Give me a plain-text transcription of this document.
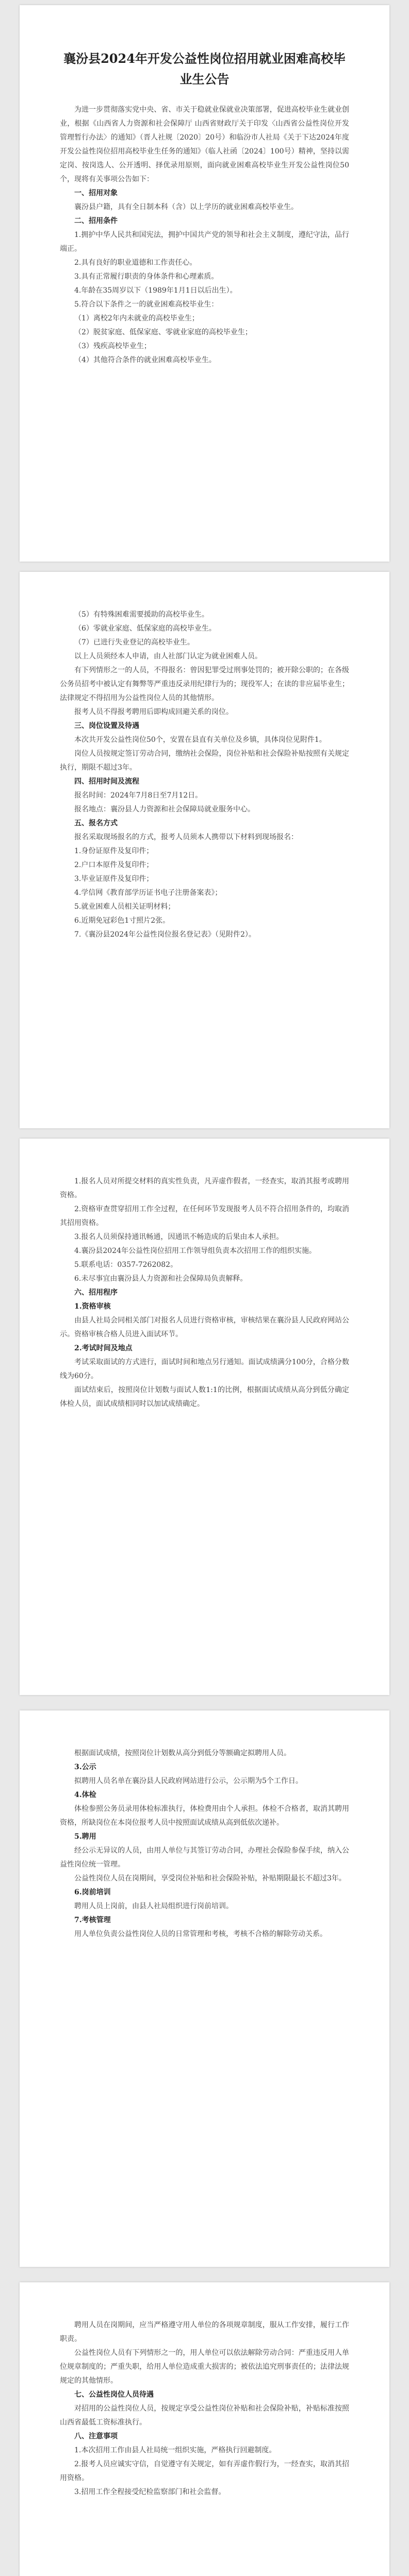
襄汾县2024年开发公益性岗位招用就业困难高校毕业生公告

为进一步贯彻落实党中央、省、市关于稳就业保就业决策部署，促进高校毕业生就业创业，根据《山西省人力资源和社会保障厅 山西省财政厅关于印发〈山西省公益性岗位开发管理暂行办法〉的通知》（晋人社规〔2020〕20号）和临汾市人社局《关于下达2024年度开发公益性岗位招用高校毕业生任务的通知》（临人社函〔2024〕100号）精神，坚持以需定岗、按岗选人、公开透明、择优录用原则，面向就业困难高校毕业生开发公益性岗位50个，现将有关事项公告如下：

一、招用对象

襄汾县户籍，具有全日制本科（含）以上学历的就业困难高校毕业生。

二、招用条件

1.拥护中华人民共和国宪法，拥护中国共产党的领导和社会主义制度，遵纪守法，品行端正。

2.具有良好的职业道德和工作责任心。

3.具有正常履行职责的身体条件和心理素质。

4.年龄在35周岁以下（1989年1月1日以后出生）。

5.符合以下条件之一的就业困难高校毕业生：

（1）离校2年内未就业的高校毕业生；

（2）脱贫家庭、低保家庭、零就业家庭的高校毕业生；

（3）残疾高校毕业生；

（4）其他符合条件的就业困难高校毕业生。

（5）有特殊困难需要援助的高校毕业生。

（6）零就业家庭、低保家庭的高校毕业生。

（7）已进行失业登记的高校毕业生。

以上人员须经本人申请，由人社部门认定为就业困难人员。

有下列情形之一的人员，不得报名：曾因犯罪受过刑事处罚的；被开除公职的；在各级公务员招考中被认定有舞弊等严重违反录用纪律行为的；现役军人；在读的非应届毕业生；法律规定不得招用为公益性岗位人员的其他情形。

报考人员不得报考聘用后即构成回避关系的岗位。

三、岗位设置及待遇

本次共开发公益性岗位50个，安置在县直有关单位及乡镇，具体岗位见附件1。

岗位人员按规定签订劳动合同，缴纳社会保险，岗位补贴和社会保险补贴按照有关规定执行，期限不超过3年。

四、招用时间及流程

报名时间：2024年7月8日至7月12日。

报名地点：襄汾县人力资源和社会保障局就业服务中心。

五、报名方式

报名采取现场报名的方式，报考人员须本人携带以下材料到现场报名：

1.身份证原件及复印件；

2.户口本原件及复印件；

3.毕业证原件及复印件；

4.学信网《教育部学历证书电子注册备案表》；

5.就业困难人员相关证明材料；

6.近期免冠彩色1寸照片2张。

7.《襄汾县2024年公益性岗位报名登记表》（见附件2）。

1.报名人员对所提交材料的真实性负责，凡弄虚作假者，一经查实，取消其报考或聘用资格。

2.资格审查贯穿招用工作全过程，在任何环节发现报考人员不符合招用条件的，均取消其招用资格。

3.报名人员须保持通讯畅通，因通讯不畅造成的后果由本人承担。

4.襄汾县2024年公益性岗位招用工作领导组负责本次招用工作的组织实施。

5.联系电话：0357-7262082。

6.未尽事宜由襄汾县人力资源和社会保障局负责解释。

六、招用程序

1.资格审核

由县人社局会同相关部门对报名人员进行资格审核，审核结果在襄汾县人民政府网站公示。资格审核合格人员进入面试环节。

2.考试时间及地点

考试采取面试的方式进行，面试时间和地点另行通知。面试成绩满分100分，合格分数线为60分。

面试结束后，按照岗位计划数与面试人数1:1的比例，根据面试成绩从高分到低分确定体检人员，面试成绩相同时以加试成绩确定。

根据面试成绩，按照岗位计划数从高分到低分等额确定拟聘用人员。

3.公示

拟聘用人员名单在襄汾县人民政府网站进行公示，公示期为5个工作日。

4.体检

体检参照公务员录用体检标准执行，体检费用由个人承担。体检不合格者，取消其聘用资格，所缺岗位在本岗位报考人员中按照面试成绩从高到低依次递补。

5.聘用

经公示无异议的人员，由用人单位与其签订劳动合同，办理社会保险参保手续，纳入公益性岗位统一管理。

公益性岗位人员在岗期间，享受岗位补贴和社会保险补贴，补贴期限最长不超过3年。

6.岗前培训

聘用人员上岗前，由县人社局组织进行岗前培训。

7.考核管理

用人单位负责公益性岗位人员的日常管理和考核，考核不合格的解除劳动关系。

聘用人员在岗期间，应当严格遵守用人单位的各项规章制度，服从工作安排，履行工作职责。

公益性岗位人员有下列情形之一的，用人单位可以依法解除劳动合同：严重违反用人单位规章制度的；严重失职，给用人单位造成重大损害的；被依法追究刑事责任的；法律法规规定的其他情形。

七、公益性岗位人员待遇

对招用的公益性岗位人员，按规定享受公益性岗位补贴和社会保险补贴，补贴标准按照山西省最低工资标准执行。

八、注意事项

1.本次招用工作由县人社局统一组织实施，严格执行回避制度。

2.报考人员应诚实守信，自觉遵守有关规定，如有弄虚作假行为，一经查实，取消其招用资格。

3.招用工作全程接受纪检监察部门和社会监督。
